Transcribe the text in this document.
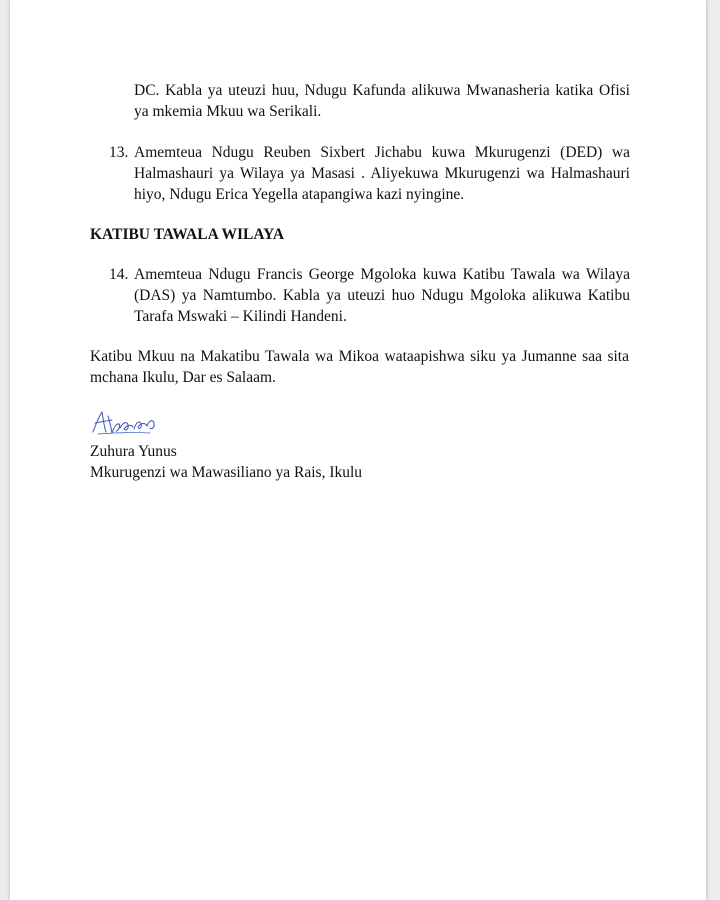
DC. Kabla ya uteuzi huu, Ndugu Kafunda alikuwa Mwanasheria katika Ofisi
ya mkemia Mkuu wa Serikali.
13. Amemteua Ndugu Reuben Sixbert Jichabu kuwa Mkurugenzi (DED) wa
Halmashauri ya Wilaya ya Masasi . Aliyekuwa Mkurugenzi wa Halmashauri
hiyo, Ndugu Erica Yegella atapangiwa kazi nyingine.
KATIBU TAWALA WILAYA
14. Amemteua Ndugu Francis George Mgoloka kuwa Katibu Tawala wa Wilaya
(DAS) ya Namtumbo. Kabla ya uteuzi huo Ndugu Mgoloka alikuwa Katibu
Tarafa Mswaki – Kilindi Handeni.
Katibu Mkuu na Makatibu Tawala wa Mikoa wataapishwa siku ya Jumanne saa sita
mchana Ikulu, Dar es Salaam.
Zuhura Yunus
Mkurugenzi wa Mawasiliano ya Rais, Ikulu
